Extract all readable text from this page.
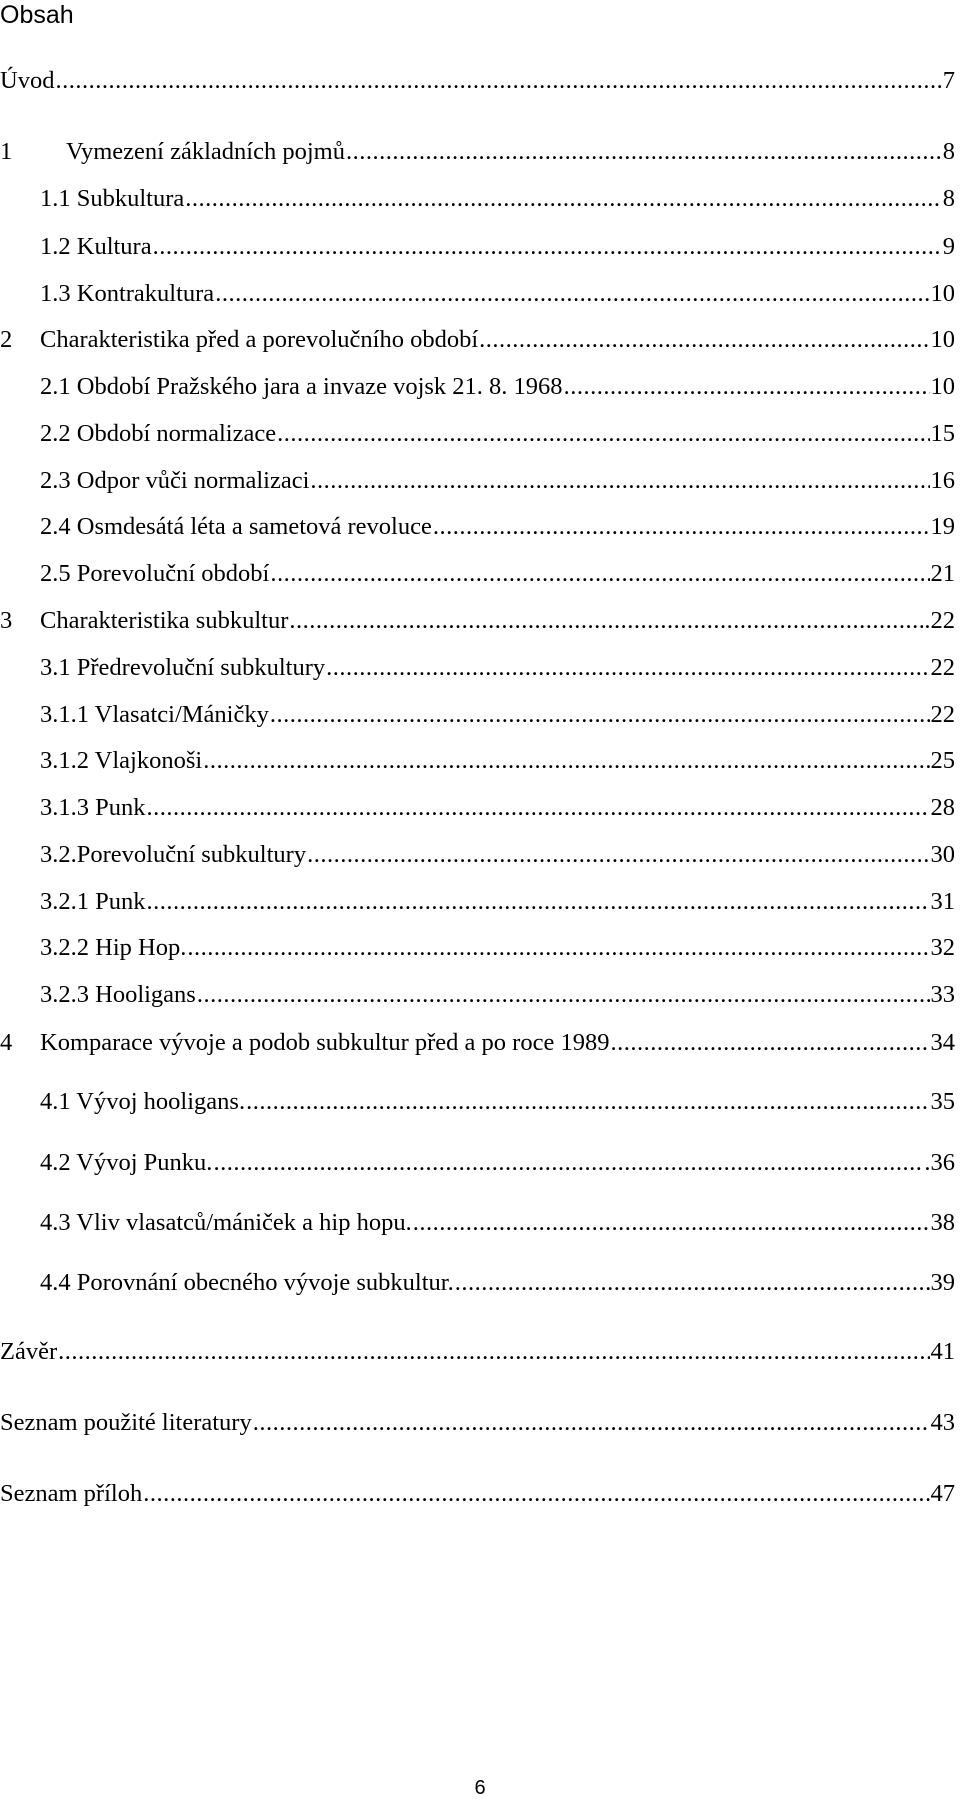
Obsah
Úvod .....	7
1	Vymezení základních pojmů .....	8
1.1 Subkultura .....	8
1.2 Kultura .....	9
1.3 Kontrakultura .....	10
2	Charakteristika před a porevolučního období .....	10
2.1 Období Pražského jara a invaze vojsk 21. 8. 1968 .....	10
2.2 Období normalizace .....	15
2.3 Odpor vůči normalizaci .....	16
2.4 Osmdesátá léta a sametová revoluce .....	19
2.5 Porevoluční období .....	21
3	Charakteristika subkultur .....	.22
3.1 Předrevoluční subkultury .....	22
3.1.1 Vlasatci/Máničky .....	22
3.1.2 Vlajkonoši .....	25
3.1.3 Punk .....	28
3.2.Porevoluční subkultury .....	30
3.2.1 Punk .....	31
3.2.2 Hip Hop. .....	32
3.2.3 Hooligans .....	33
4	Komparace vývoje a podob subkultur před a po roce 1989 .....	34
4.1 Vývoj hooligans. .....	35
4.2 Vývoj Punku. .....	.36
4.3 Vliv vlasatců/mániček a hip hopu. .....	38
4.4 Porovnání obecného vývoje subkultur. .....	39
Závěr .....	41
Seznam použité literatury .....	43
Seznam příloh .....	47
6
